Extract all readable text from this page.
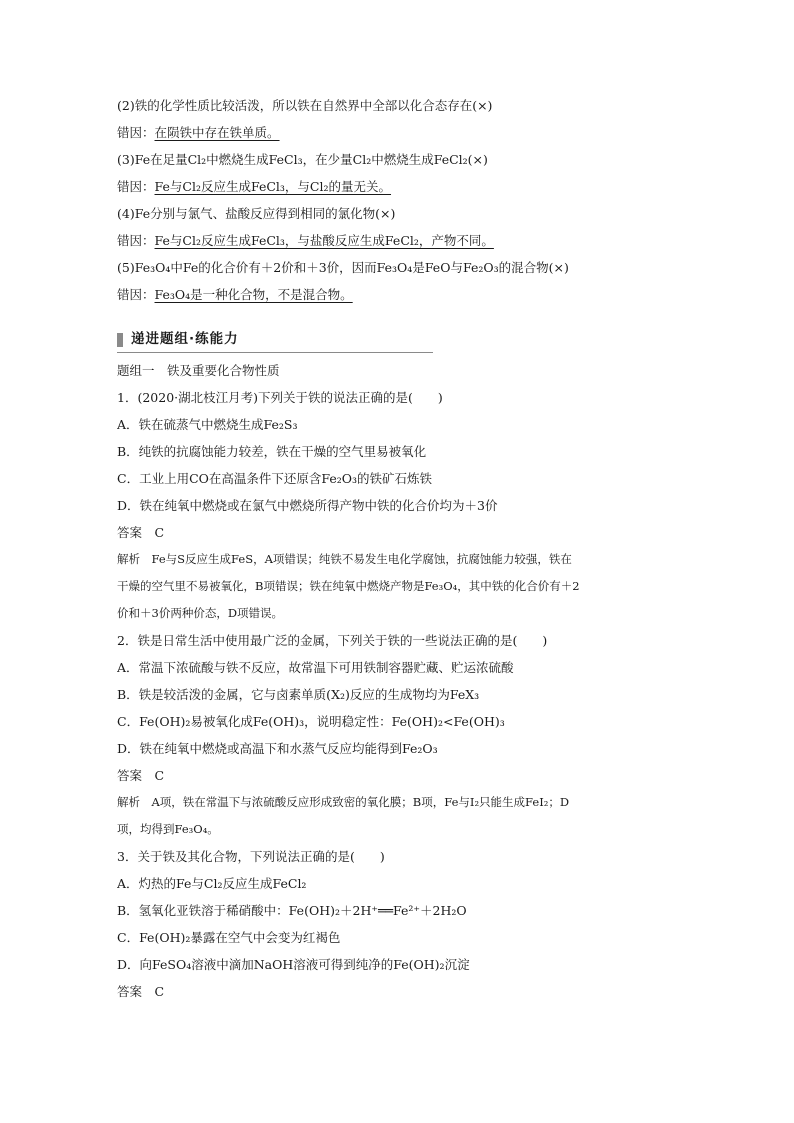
(2)铁的化学性质比较活泼，所以铁在自然界中全部以化合态存在(×)
错因：在陨铁中存在铁单质。
(3)Fe在足量Cl₂中燃烧生成FeCl₃，在少量Cl₂中燃烧生成FeCl₂(×)
错因：Fe与Cl₂反应生成FeCl₃，与Cl₂的量无关。
(4)Fe分别与氯气、盐酸反应得到相同的氯化物(×)
错因：Fe与Cl₂反应生成FeCl₃，与盐酸反应生成FeCl₂，产物不同。
(5)Fe₃O₄中Fe的化合价有＋2价和＋3价，因而Fe₃O₄是FeO与Fe₂O₃的混合物(×)
错因：Fe₃O₄是一种化合物，不是混合物。
递进题组·练能力
题组一　铁及重要化合物性质
1．(2020·湖北枝江月考)下列关于铁的说法正确的是(　　)
A．铁在硫蒸气中燃烧生成Fe₂S₃
B．纯铁的抗腐蚀能力较差，铁在干燥的空气里易被氧化
C．工业上用CO在高温条件下还原含Fe₂O₃的铁矿石炼铁
D．铁在纯氧中燃烧或在氯气中燃烧所得产物中铁的化合价均为＋3价
答案　C
解析　Fe与S反应生成FeS，A项错误；纯铁不易发生电化学腐蚀，抗腐蚀能力较强，铁在
干燥的空气里不易被氧化，B项错误；铁在纯氧中燃烧产物是Fe₃O₄，其中铁的化合价有＋2
价和＋3价两种价态，D项错误。
2．铁是日常生活中使用最广泛的金属，下列关于铁的一些说法正确的是(　　)
A．常温下浓硫酸与铁不反应，故常温下可用铁制容器贮藏、贮运浓硫酸
B．铁是较活泼的金属，它与卤素单质(X₂)反应的生成物均为FeX₃
C．Fe(OH)₂易被氧化成Fe(OH)₃，说明稳定性：Fe(OH)₂<Fe(OH)₃
D．铁在纯氧中燃烧或高温下和水蒸气反应均能得到Fe₂O₃
答案　C
解析　A项，铁在常温下与浓硫酸反应形成致密的氧化膜；B项，Fe与I₂只能生成FeI₂；D
项，均得到Fe₃O₄。
3．关于铁及其化合物，下列说法正确的是(　　)
A．灼热的Fe与Cl₂反应生成FeCl₂
B．氢氧化亚铁溶于稀硝酸中：Fe(OH)₂＋2H⁺══Fe²⁺＋2H₂O
C．Fe(OH)₂暴露在空气中会变为红褐色
D．向FeSO₄溶液中滴加NaOH溶液可得到纯净的Fe(OH)₂沉淀
答案　C
